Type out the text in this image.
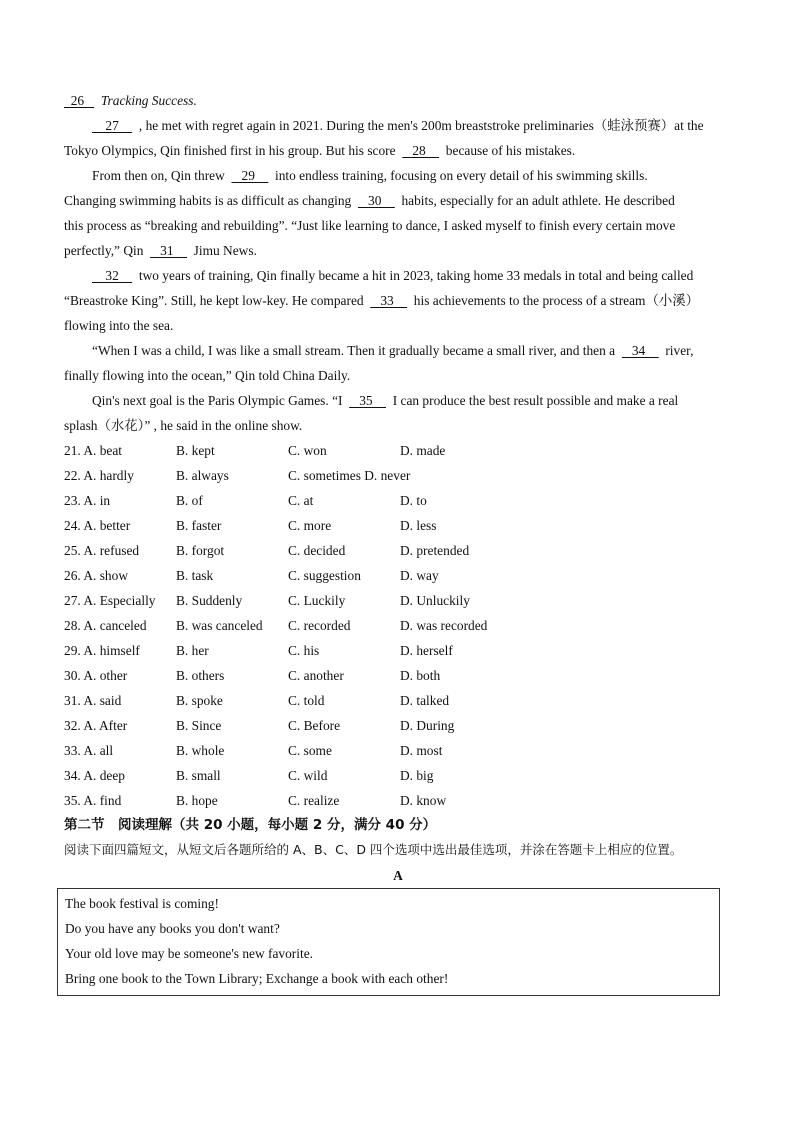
26     Tracking Success.
27      , he met with regret again in 2021. During the men's 200m breaststroke preliminaries（蛙泳预赛）at the
Tokyo Olympics, Qin finished first in his group. But his score     28      because of his mistakes.
From then on, Qin threw     29      into endless training, focusing on every detail of his swimming skills.
Changing swimming habits is as difficult as changing     30      habits, especially for an adult athlete. He described
this process as “breaking and rebuilding”. “Just like learning to dance, I asked myself to finish every certain move
perfectly,” Qin     31      Jimu News.
32      two years of training, Qin finally became a hit in 2023, taking home 33 medals in total and being called
“Breastroke King”. Still, he kept low-key. He compared     33      his achievements to the process of a stream（小溪）
flowing into the sea.
“When I was a child, I was like a small stream. Then it gradually became a small river, and then a     34      river,
finally flowing into the ocean,” Qin told China Daily.
Qin's next goal is the Paris Olympic Games. “I     35      I can produce the best result possible and make a real
splash（水花）” , he said in the online show.
21. A. beat	B. kept	C. won	D. made
22. A. hardly	B. always	C. sometimes D. never
23. A. in	B. of	C. at	D. to
24. A. better	B. faster	C. more	D. less
25. A. refused	B. forgot	C. decided	D. pretended
26. A. show	B. task	C. suggestion	D. way
27. A. Especially B. Suddenly	C. Luckily	D. Unluckily
28. A. canceled B. was canceled C. recorded	D. was recorded
29. A. himself	B. her	C. his	D. herself
30. A. other	B. others	C. another	D. both
31. A. said	B. spoke	C. told	D. talked
32. A. After	B. Since	C. Before	D. During
33. A. all	B. whole	C. some	D. most
34. A. deep	B. small	C. wild	D. big
35. A. find	B. hope	C. realize	D. know
第二节　阅读理解（共 20 小题，每小题 2 分，满分 40 分）
阅读下面四篇短文，从短文后各题所给的 A、B、C、D 四个选项中选出最佳选项，并涂在答题卡上相应的位置。
A
The book festival is coming!
Do you have any books you don't want?
Your old love may be someone's new favorite.
Bring one book to the Town Library; Exchange a book with each other!
